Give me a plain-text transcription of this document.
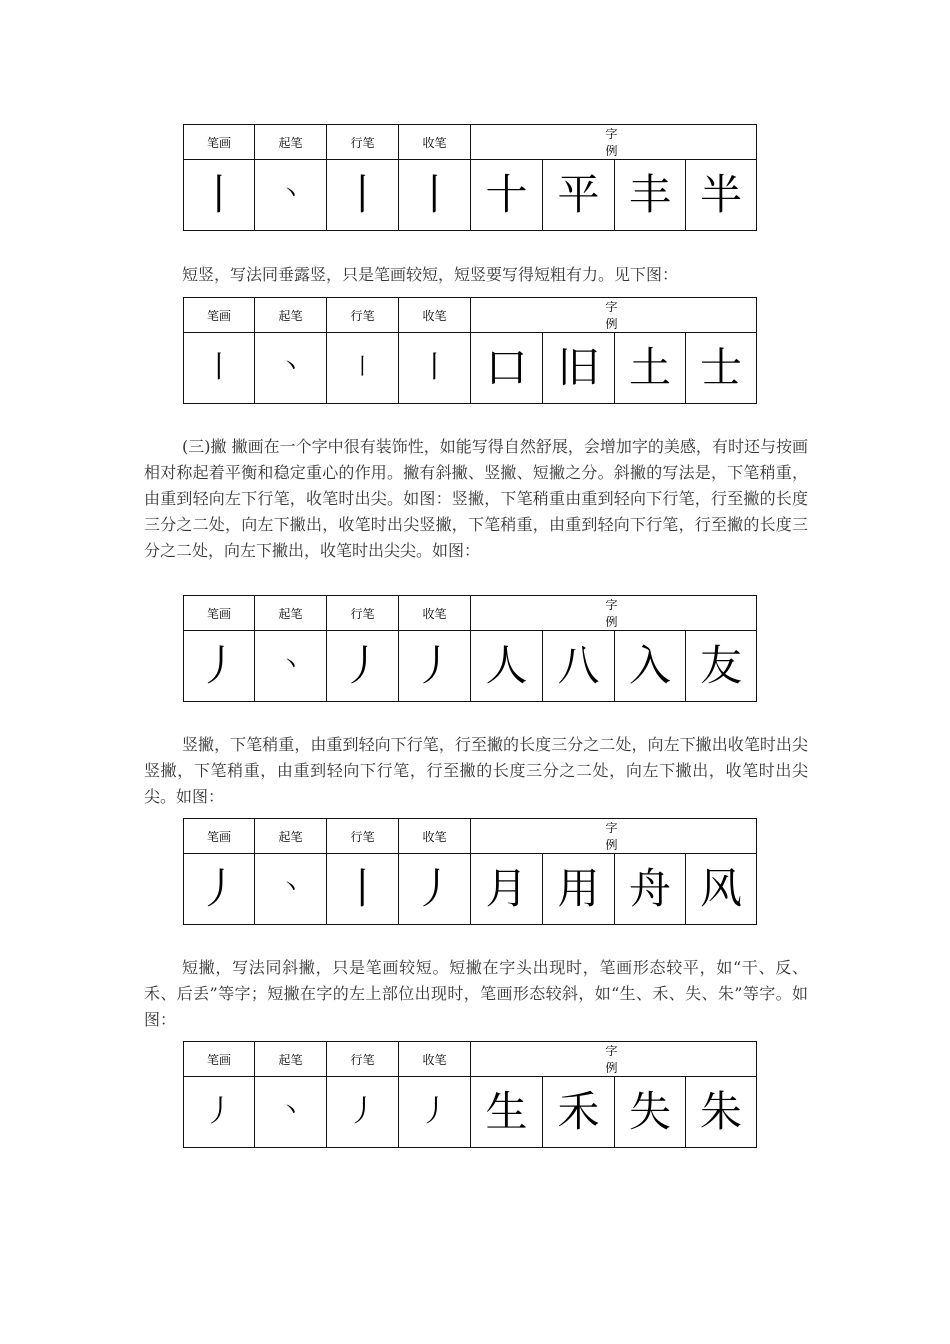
笔画	起笔	行笔	收笔	字　例			
丨	丶	丨	丨	十	平	丰	半

短竖，写法同垂露竖，只是笔画较短，短竖要写得短粗有力。见下图：

笔画	起笔	行笔	收笔	字　例			
丨	丶	丨	丨	口	旧	土	士

(三)撇 撇画在一个字中很有装饰性，如能写得自然舒展，会增加字的美感，有时还与按画相对称起着平衡和稳定重心的作用。撇有斜撇、竖撇、短撇之分。斜撇的写法是，下笔稍重，由重到轻向左下行笔，收笔时出尖。如图：竖撇，下笔稍重由重到轻向下行笔，行至撇的长度三分之二处，向左下撇出，收笔时出尖竖撇，下笔稍重，由重到轻向下行笔，行至撇的长度三分之二处，向左下撇出，收笔时出尖尖。如图：

笔画	起笔	行笔	收笔	字　例			
丿	丶	丿	丿	人	八	入	友

竖撇，下笔稍重，由重到轻向下行笔，行至撇的长度三分之二处，向左下撇出收笔时出尖竖撇，下笔稍重，由重到轻向下行笔，行至撇的长度三分之二处，向左下撇出，收笔时出尖尖。如图：

笔画	起笔	行笔	收笔	字　例			
丿	丶	丨	丿	月	用	舟	风

短撇，写法同斜撇，只是笔画较短。短撇在字头出现时，笔画形态较平，如“干、反、禾、后丢”等字；短撇在字的左上部位出现时，笔画形态较斜，如“生、禾、失、朱”等字。如图：

笔画	起笔	行笔	收笔	字　例			
丿	丶	丿	丿	生	禾	失	朱
